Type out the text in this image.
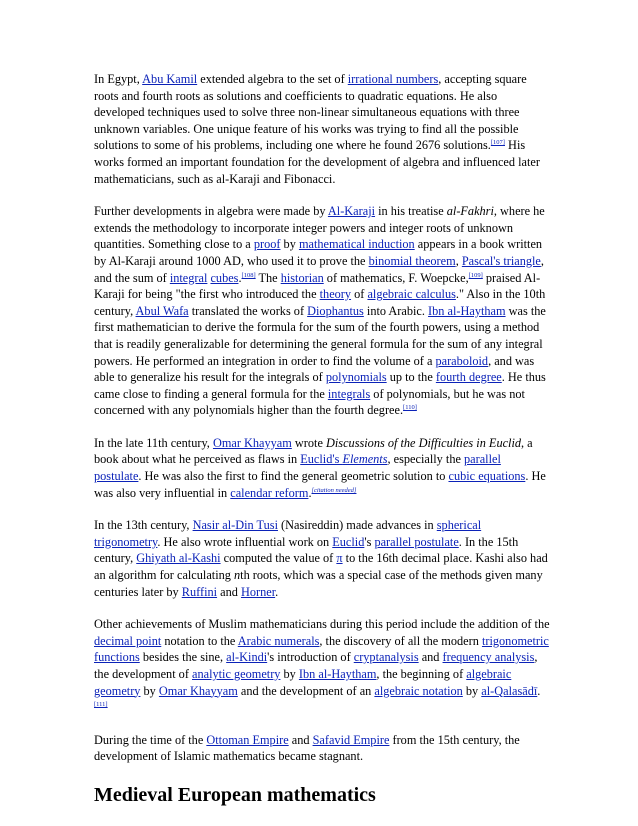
In Egypt, Abu Kamil extended algebra to the set of irrational numbers, accepting square roots and fourth roots as solutions and coefficients to quadratic equations. He also developed techniques used to solve three non-linear simultaneous equations with three unknown variables. One unique feature of his works was trying to find all the possible solutions to some of his problems, including one where he found 2676 solutions.[107] His works formed an important foundation for the development of algebra and influenced later mathematicians, such as al-Karaji and Fibonacci.

Further developments in algebra were made by Al-Karaji in his treatise al-Fakhri, where he extends the methodology to incorporate integer powers and integer roots of unknown quantities. Something close to a proof by mathematical induction appears in a book written by Al-Karaji around 1000 AD, who used it to prove the binomial theorem, Pascal's triangle, and the sum of integral cubes.[108] The historian of mathematics, F. Woepcke,[109] praised Al-Karaji for being "the first who introduced the theory of algebraic calculus." Also in the 10th century, Abul Wafa translated the works of Diophantus into Arabic. Ibn al-Haytham was the first mathematician to derive the formula for the sum of the fourth powers, using a method that is readily generalizable for determining the general formula for the sum of any integral powers. He performed an integration in order to find the volume of a paraboloid, and was able to generalize his result for the integrals of polynomials up to the fourth degree. He thus came close to finding a general formula for the integrals of polynomials, but he was not concerned with any polynomials higher than the fourth degree.[110]

In the late 11th century, Omar Khayyam wrote Discussions of the Difficulties in Euclid, a book about what he perceived as flaws in Euclid's Elements, especially the parallel postulate. He was also the first to find the general geometric solution to cubic equations. He was also very influential in calendar reform.[citation needed]

In the 13th century, Nasir al-Din Tusi (Nasireddin) made advances in spherical trigonometry. He also wrote influential work on Euclid's parallel postulate. In the 15th century, Ghiyath al-Kashi computed the value of π to the 16th decimal place. Kashi also had an algorithm for calculating nth roots, which was a special case of the methods given many centuries later by Ruffini and Horner.

Other achievements of Muslim mathematicians during this period include the addition of the decimal point notation to the Arabic numerals, the discovery of all the modern trigonometric functions besides the sine, al-Kindi's introduction of cryptanalysis and frequency analysis, the development of analytic geometry by Ibn al-Haytham, the beginning of algebraic geometry by Omar Khayyam and the development of an algebraic notation by al-Qalasādī.[111]

During the time of the Ottoman Empire and Safavid Empire from the 15th century, the development of Islamic mathematics became stagnant.

Medieval European mathematics
